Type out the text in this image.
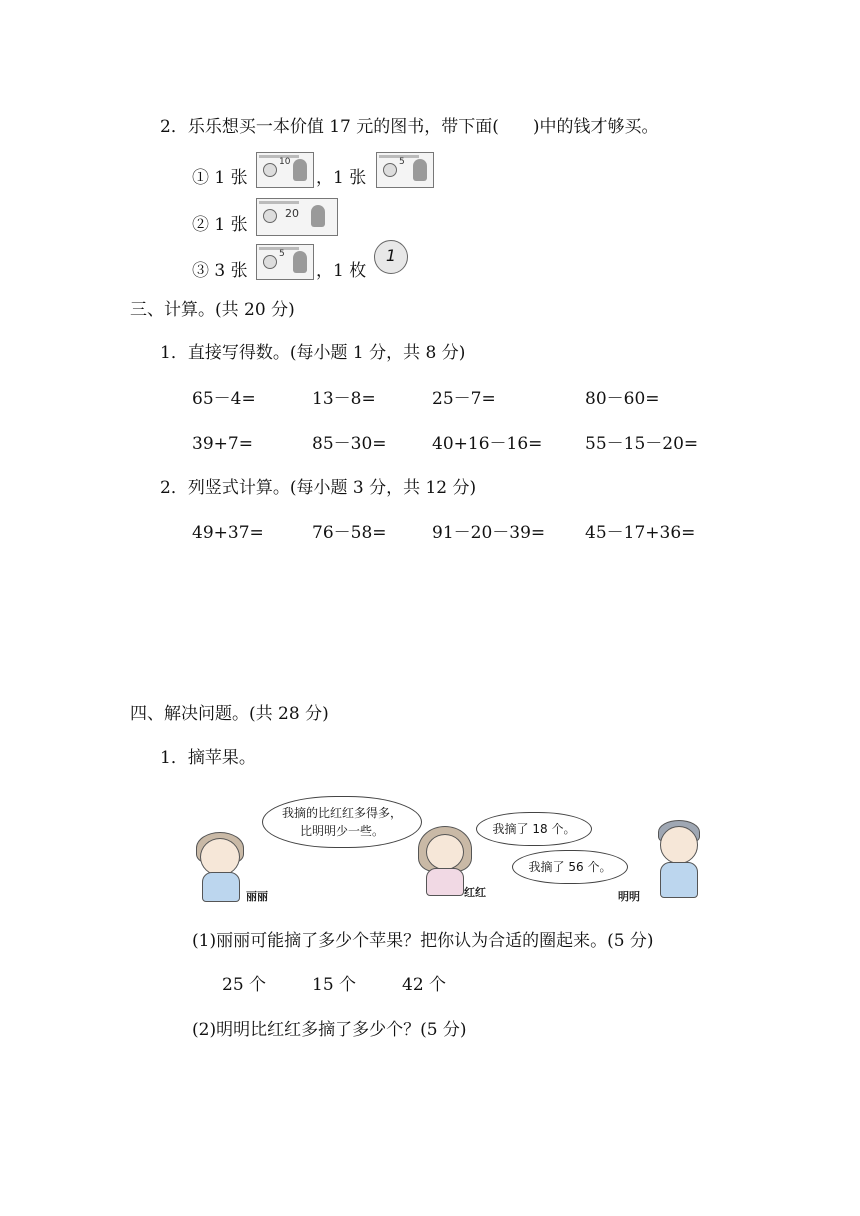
2．乐乐想买一本价值 17 元的图书，带下面(　　)中的钱才够买。
① 1 张
10
，1 张
5
② 1 张
20
③ 3 张
5
，1 枚
1
三、计算。(共 20 分)
1．直接写得数。(每小题 1 分，共 8 分)
65－4=	13－8=	25－7=	80－60=
39+7=	85－30=	40+16－16=	55－15－20=
2．列竖式计算。(每小题 3 分，共 12 分)
49+37=	76－58=	91－20－39= 45－17+36=
四、解决问题。(共 28 分)
1．摘苹果。
我摘的比红红多得多，
比明明少一些。	我摘了 18 个。
我摘了 56 个。
丽丽	红红	明明
(1)丽丽可能摘了多少个苹果？把你认为合适的圈起来。(5 分)
25 个	15 个	42 个
(2)明明比红红多摘了多少个？(5 分)
